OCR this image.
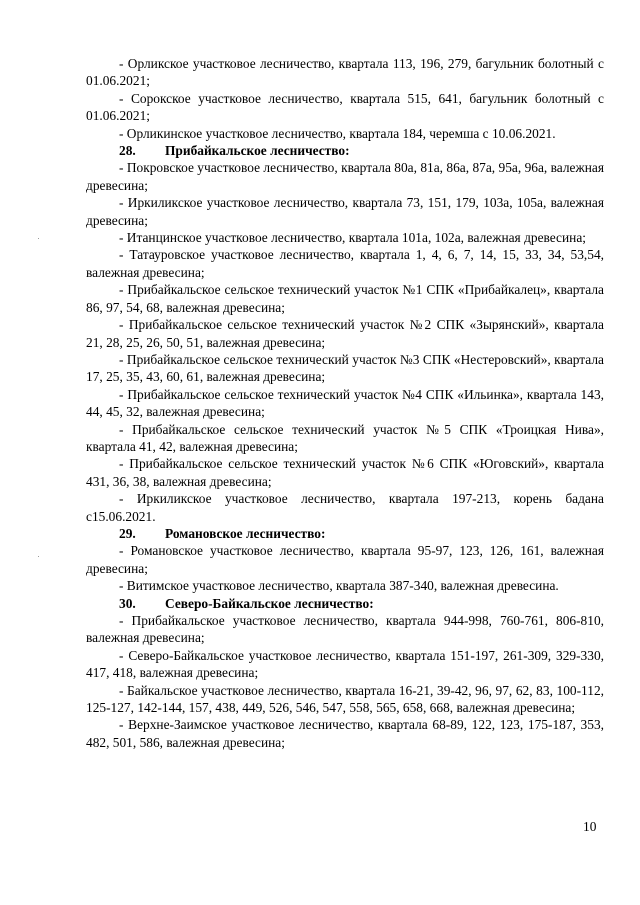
- Орликское участковое лесничество, квартала 113, 196, 279, багульник болотный с 01.06.2021;

- Сорокское участковое лесничество, квартала 515, 641, багульник болотный с 01.06.2021;

- Орликинское участковое лесничество, квартала 184, черемша с 10.06.2021.

28. Прибайкальское лесничество:

- Покровское участковое лесничество, квартала 80а, 81а, 86а, 87а, 95а, 96а, валежная древесина;

- Иркиликское участковое лесничество, квартала 73, 151, 179, 103а, 105а, валежная древесина;

- Итанцинское участковое лесничество, квартала 101а, 102а, валежная древесина;

- Татауровское участковое лесничество, квартала 1, 4, 6, 7, 14, 15, 33, 34, 53,54, валежная древесина;

- Прибайкальское сельское технический участок №1 СПК «Прибайкалец», квартала 86, 97, 54, 68, валежная древесина;

- Прибайкальское сельское технический участок №2 СПК «Зырянский», квартала 21, 28, 25, 26, 50, 51, валежная древесина;

- Прибайкальское сельское технический участок №3 СПК «Нестеровский», квартала 17, 25, 35, 43, 60, 61, валежная древесина;

- Прибайкальское сельское технический участок №4 СПК «Ильинка», квартала 143, 44, 45, 32, валежная древесина;

- Прибайкальское сельское технический участок №5 СПК «Троицкая Нива», квартала 41, 42, валежная древесина;

- Прибайкальское сельское технический участок №6 СПК «Юговский», квартала 431, 36, 38, валежная древесина;

- Иркиликское участковое лесничество, квартала 197-213, корень бадана с15.06.2021.

29. Романовское лесничество:

- Романовское участковое лесничество, квартала 95-97, 123, 126, 161, валежная древесина;

- Витимское участковое лесничество, квартала 387-340, валежная древесина.

30. Северо-Байкальское лесничество:

- Прибайкальское участковое лесничество, квартала 944-998, 760-761, 806-810, валежная древесина;

- Северо-Байкальское участковое лесничество, квартала 151-197, 261-309, 329-330, 417, 418, валежная древесина;

- Байкальское участковое лесничество, квартала 16-21, 39-42, 96, 97, 62, 83, 100-112, 125-127, 142-144, 157, 438, 449, 526, 546, 547, 558, 565, 658, 668, валежная древесина;

- Верхне-Заимское участковое лесничество, квартала 68-89, 122, 123, 175-187, 353, 482, 501, 586, валежная древесина;

10
